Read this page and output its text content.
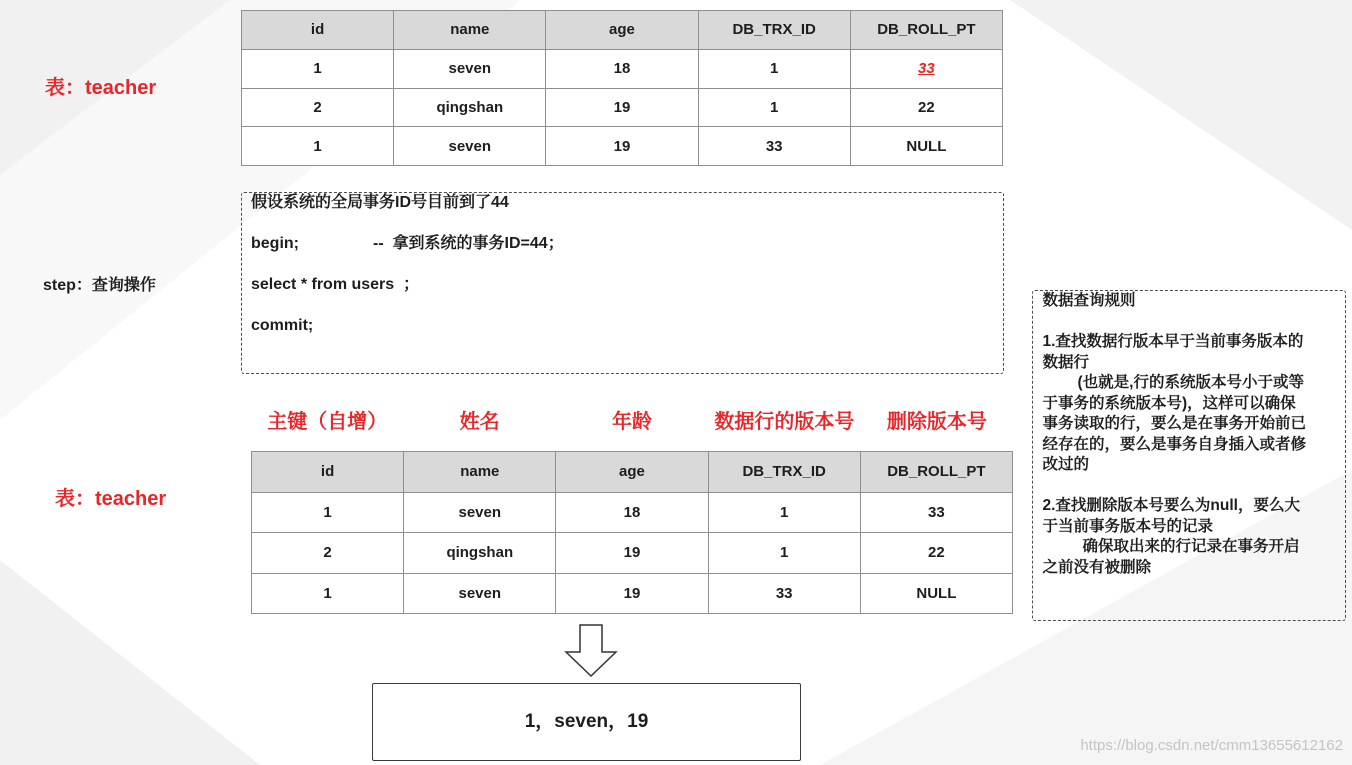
表：teacher
id	name	age	DB_TRX_ID	DB_ROLL_PT
1	seven	18	1	33
2	qingshan	19	1	22
1	seven	19	33	NULL
step：查询操作
假设系统的全局事务ID号目前到了44
begin;	--  拿到系统的事务ID=44；
select * from users  ；
commit;
主键（自增）	姓名	年龄	数据行的版本号	删除版本号
表：teacher
id	name	age	DB_TRX_ID	DB_ROLL_PT
1	seven	18	1	33
2	qingshan	19	1	22
1	seven	19	33	NULL
1，seven，19
数据查询规则
1.查找数据行版本早于当前事务版本的
数据行
(也就是,行的系统版本号小于或等
于事务的系统版本号)，这样可以确保
事务读取的行，要么是在事务开始前已
经存在的，要么是事务自身插入或者修
改过的
2.查找删除版本号要么为null，要么大
于当前事务版本号的记录
确保取出来的行记录在事务开启
之前没有被删除
https://blog.csdn.net/cmm13655612162
